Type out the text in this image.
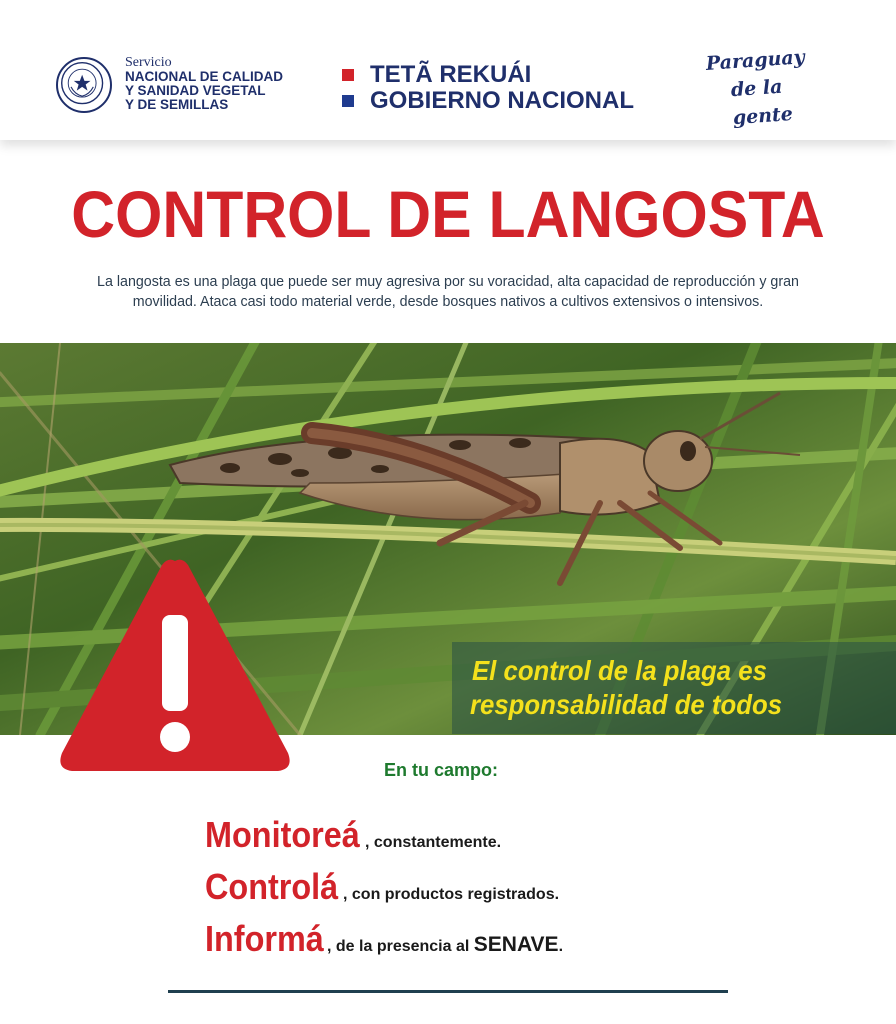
Servicio
NACIONAL DE CALIDAD
Y SANIDAD VEGETAL
Y DE SEMILLAS
TETÃ REKUÁI
GOBIERNO NACIONAL
Paraguay
de la gente
CONTROL DE LANGOSTA
La langosta es una plaga que puede ser muy agresiva por su voracidad, alta capacidad de reproducción y gran movilidad. Ataca casi todo material verde, desde bosques nativos a cultivos extensivos o intensivos.
El control de la plaga es
responsabilidad de todos
En tu campo:
Monitoreá , constantemente.
Controlá , con productos registrados.
Informá , de la presencia al SENAVE.
